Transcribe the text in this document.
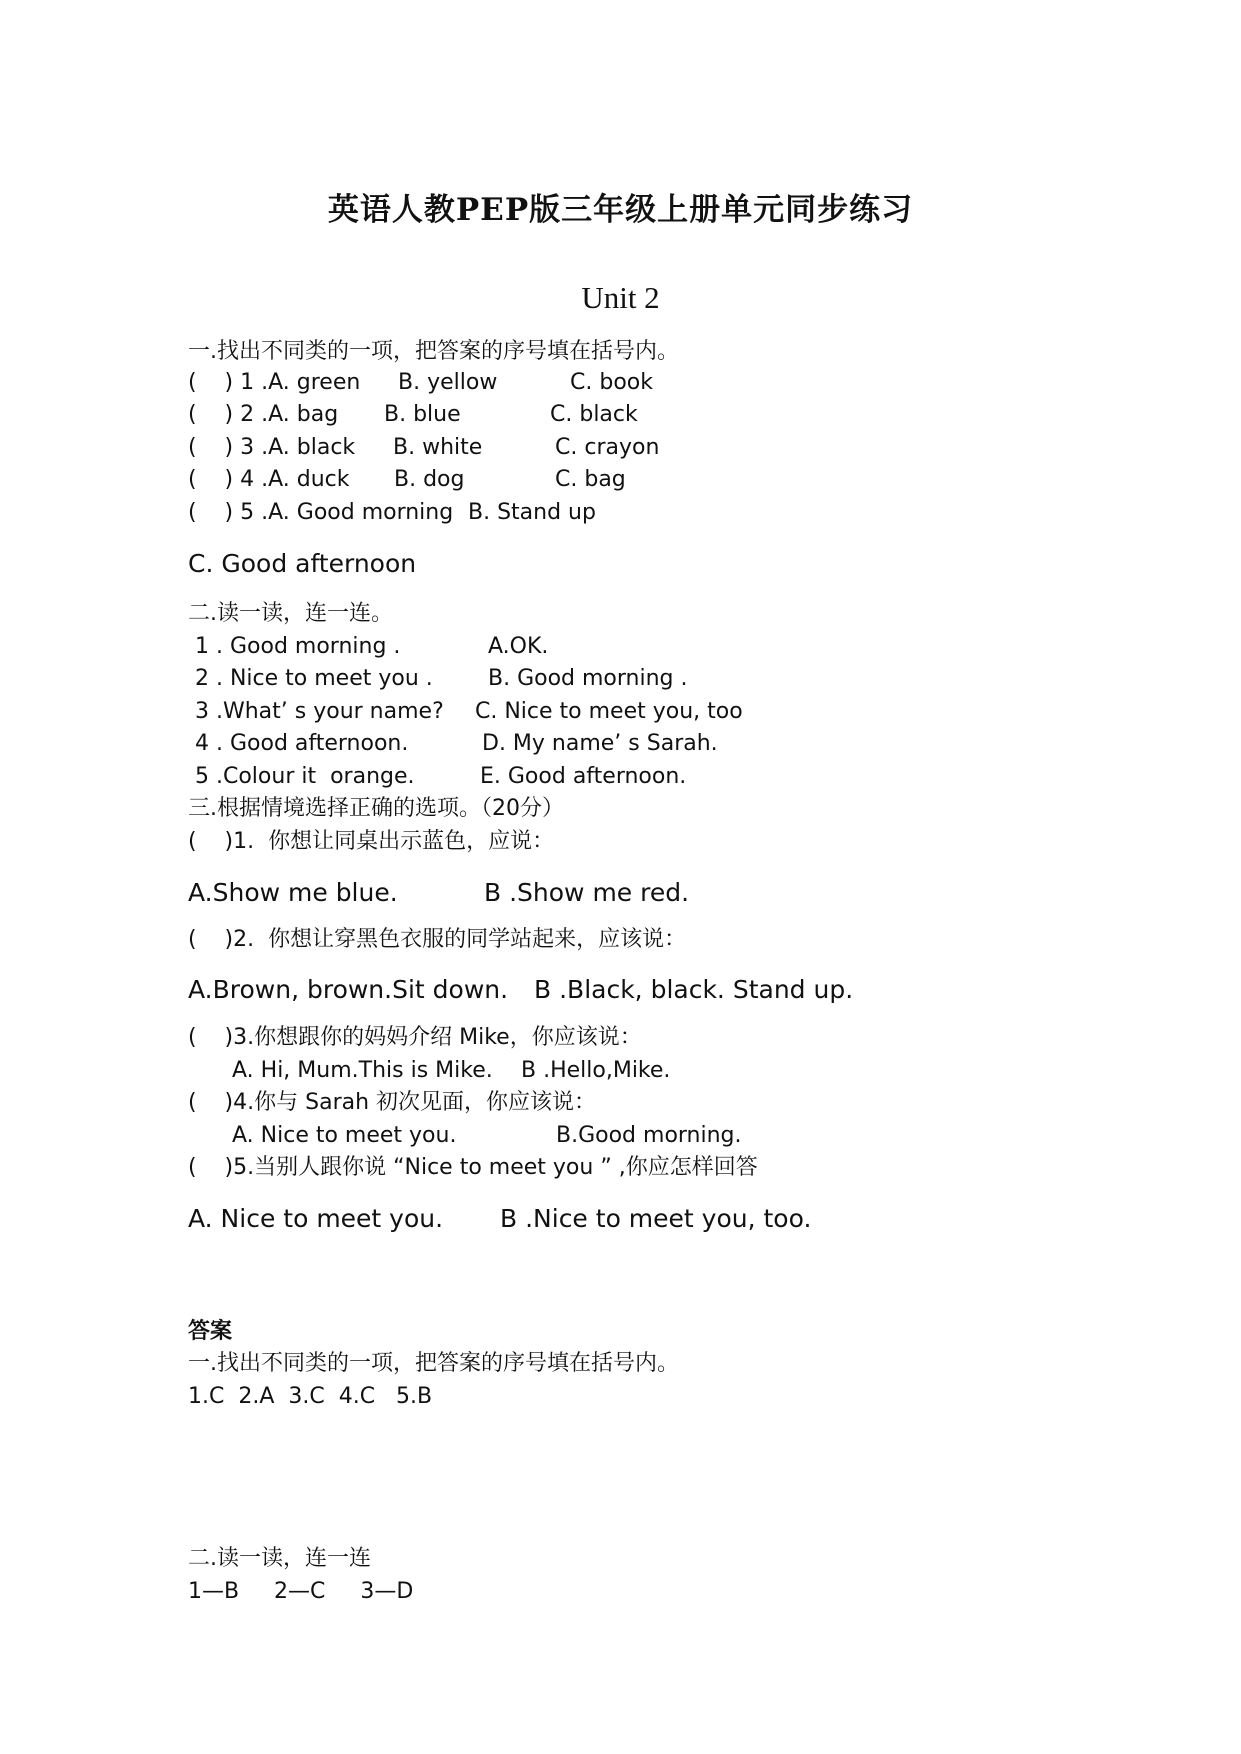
英语人教PEP版三年级上册单元同步练习
Unit 2
一.找出不同类的一项，把答案的序号填在括号内。
(    ) 1 .A. green B. yellow	C. book
(    ) 2 .A. bag B. blue	C. black
(    ) 3 .A. black B. white	C. crayon
(    ) 4 .A. duck B. dog	C. bag
(    ) 5 .A. Good morning B. Stand up
C. Good afternoon
二.读一读，连一连。
1 . Good morning .	A.OK.
2 . Nice to meet you .	B. Good morning .
3 .What’ s your name? C. Nice to meet you, too
4 . Good afternoon.	D. My name’ s Sarah.
5 .Colour it  orange.	E. Good afternoon.
三.根据情境选择正确的选项。（20分）
(    )1.  你想让同桌出示蓝色，应说：
A.Show me blue.	B .Show me red.
(    )2.  你想让穿黑色衣服的同学站起来，应该说：
A.Brown, brown.Sit down. B .Black, black. Stand up.
(    )3.你想跟你的妈妈介绍 Mike，你应该说：
A. Hi, Mum.This is Mike. B .Hello,Mike.
(    )4.你与 Sarah 初次见面，你应该说：
A. Nice to meet you.	B.Good morning.
(    )5.当别人跟你说 “Nice to meet you ” ,你应怎样回答
A. Nice to meet you. B .Nice to meet you, too.
答案
一.找出不同类的一项，把答案的序号填在括号内。
1.C  2.A  3.C  4.C   5.B
二.读一读，连一连
1—B     2—C     3—D
